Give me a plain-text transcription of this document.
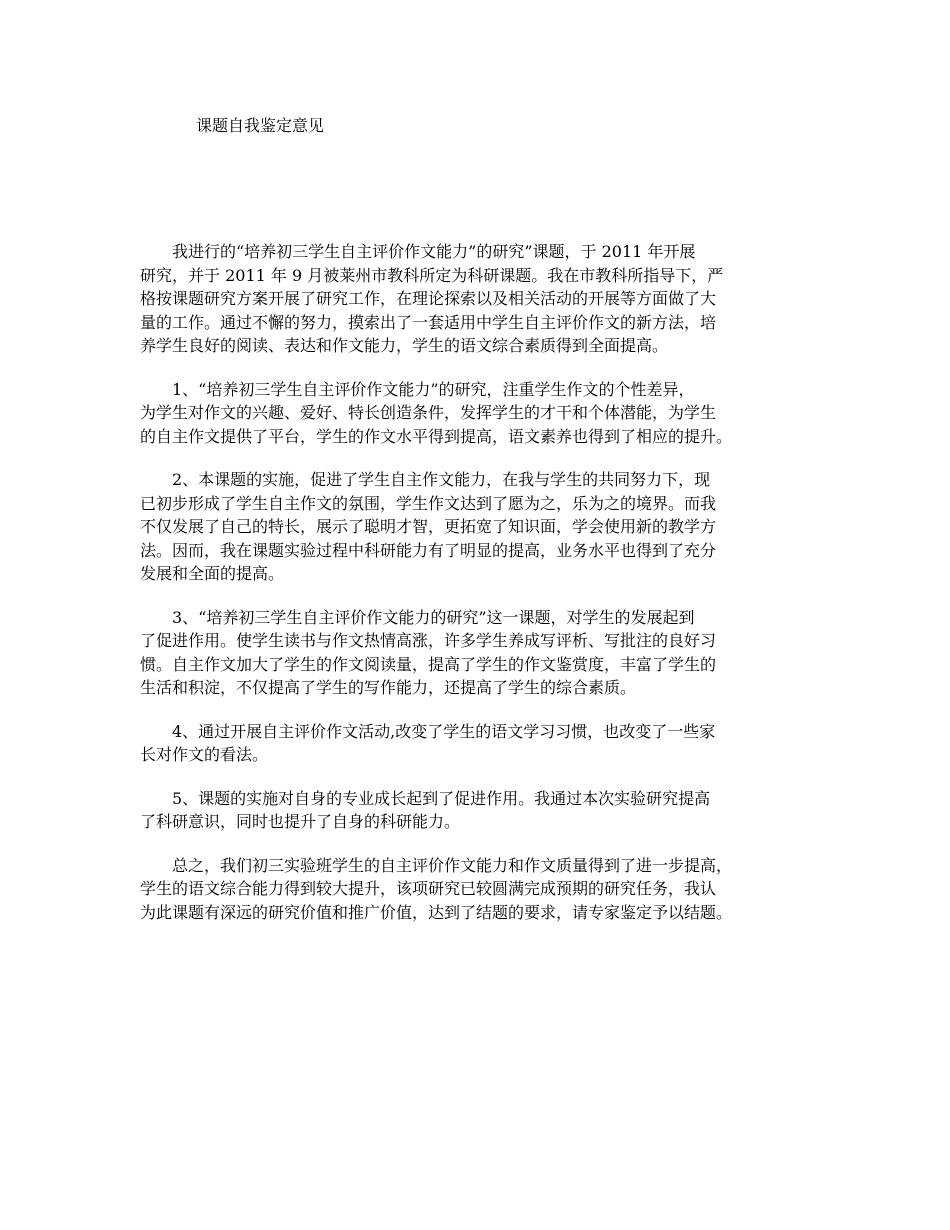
课题自我鉴定意见

　　我进行的“培养初三学生自主评价作文能力”的研究”课题，于 2011 年开展
研究，并于 2011 年 9 月被莱州市教科所定为科研课题。我在市教科所指导下，严
格按课题研究方案开展了研究工作，在理论探索以及相关活动的开展等方面做了大
量的工作。通过不懈的努力，摸索出了一套适用中学生自主评价作文的新方法，培
养学生良好的阅读、表达和作文能力，学生的语文综合素质得到全面提高。

　　1、“培养初三学生自主评价作文能力”的研究，注重学生作文的个性差异，
为学生对作文的兴趣、爱好、特长创造条件，发挥学生的才干和个体潜能，为学生
的自主作文提供了平台，学生的作文水平得到提高，语文素养也得到了相应的提升。

　　2、本课题的实施，促进了学生自主作文能力，在我与学生的共同努力下，现
已初步形成了学生自主作文的氛围，学生作文达到了愿为之，乐为之的境界。而我
不仅发展了自己的特长，展示了聪明才智，更拓宽了知识面，学会使用新的教学方
法。因而，我在课题实验过程中科研能力有了明显的提高，业务水平也得到了充分
发展和全面的提高。

　　3、“培养初三学生自主评价作文能力的研究”这一课题，对学生的发展起到
了促进作用。使学生读书与作文热情高涨，许多学生养成写评析、写批注的良好习
惯。自主作文加大了学生的作文阅读量，提高了学生的作文鉴赏度，丰富了学生的
生活和积淀，不仅提高了学生的写作能力，还提高了学生的综合素质。

　　4、通过开展自主评价作文活动,改变了学生的语文学习习惯，也改变了一些家
长对作文的看法。

　　5、课题的实施对自身的专业成长起到了促进作用。我通过本次实验研究提高
了科研意识，同时也提升了自身的科研能力。

　　总之，我们初三实验班学生的自主评价作文能力和作文质量得到了进一步提高，
学生的语文综合能力得到较大提升，该项研究已较圆满完成预期的研究任务，我认
为此课题有深远的研究价值和推广价值，达到了结题的要求，请专家鉴定予以结题。
